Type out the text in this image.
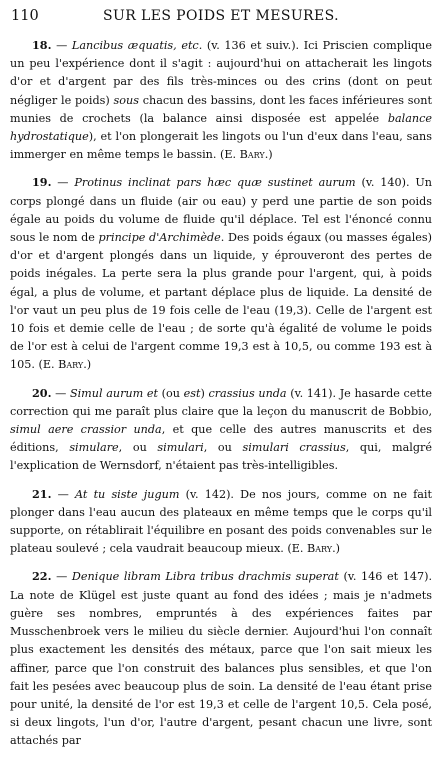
110	SUR LES POIDS ET MESURES.

18. — Lancibus æquatis, etc. (v. 136 et suiv.). Ici Priscien complique un peu l'expérience dont il s'agit : aujourd'hui on attacherait les lingots d'or et d'argent par des fils très-minces ou des crins (dont on peut négliger le poids) sous chacun des bassins, dont les faces inférieures sont munies de crochets (la balance ainsi disposée est appelée balance hydrostatique), et l'on plongerait les lingots ou l'un d'eux dans l'eau, sans immerger en même temps le bassin. (E. Bary.)

19. — Protinus inclinat pars hæc quæ sustinet aurum (v. 140). Un corps plongé dans un fluide (air ou eau) y perd une partie de son poids égale au poids du volume de fluide qu'il déplace. Tel est l'énoncé connu sous le nom de principe d'Archimède. Des poids égaux (ou masses égales) d'or et d'argent plongés dans un liquide, y éprouveront des pertes de poids inégales. La perte sera la plus grande pour l'argent, qui, à poids égal, a plus de volume, et partant déplace plus de liquide. La densité de l'or vaut un peu plus de 19 fois celle de l'eau (19,3). Celle de l'argent est 10 fois et demie celle de l'eau ; de sorte qu'à égalité de volume le poids de l'or est à celui de l'argent comme 19,3 est à 10,5, ou comme 193 est à 105. (E. Bary.)

20. — Simul aurum et (ou est) crassius unda (v. 141). Je hasarde cette correction qui me paraît plus claire que la leçon du manuscrit de Bobbio, simul aere crassior unda, et que celle des autres manuscrits et des éditions, simulare, ou simulari, ou simulari crassius, qui, malgré l'explication de Wernsdorf, n'étaient pas très-intelligibles.

21. — At tu siste jugum (v. 142). De nos jours, comme on ne fait plonger dans l'eau aucun des plateaux en même temps que le corps qu'il supporte, on rétablirait l'équilibre en posant des poids convenables sur le plateau soulevé ; cela vaudrait beaucoup mieux. (E. Bary.)

22. — Denique libram Libra tribus drachmis superat (v. 146 et 147). La note de Klügel est juste quant au fond des idées ; mais je n'admets guère ses nombres, empruntés à des expériences faites par Musschenbroek vers le milieu du siècle dernier. Aujourd'hui l'on connaît plus exactement les densités des métaux, parce que l'on sait mieux les affiner, parce que l'on construit des balances plus sensibles, et que l'on fait les pesées avec beaucoup plus de soin. La densité de l'eau étant prise pour unité, la densité de l'or est 19,3 et celle de l'argent 10,5. Cela posé, si deux lingots, l'un d'or, l'autre d'argent, pesant chacun une livre, sont attachés par
